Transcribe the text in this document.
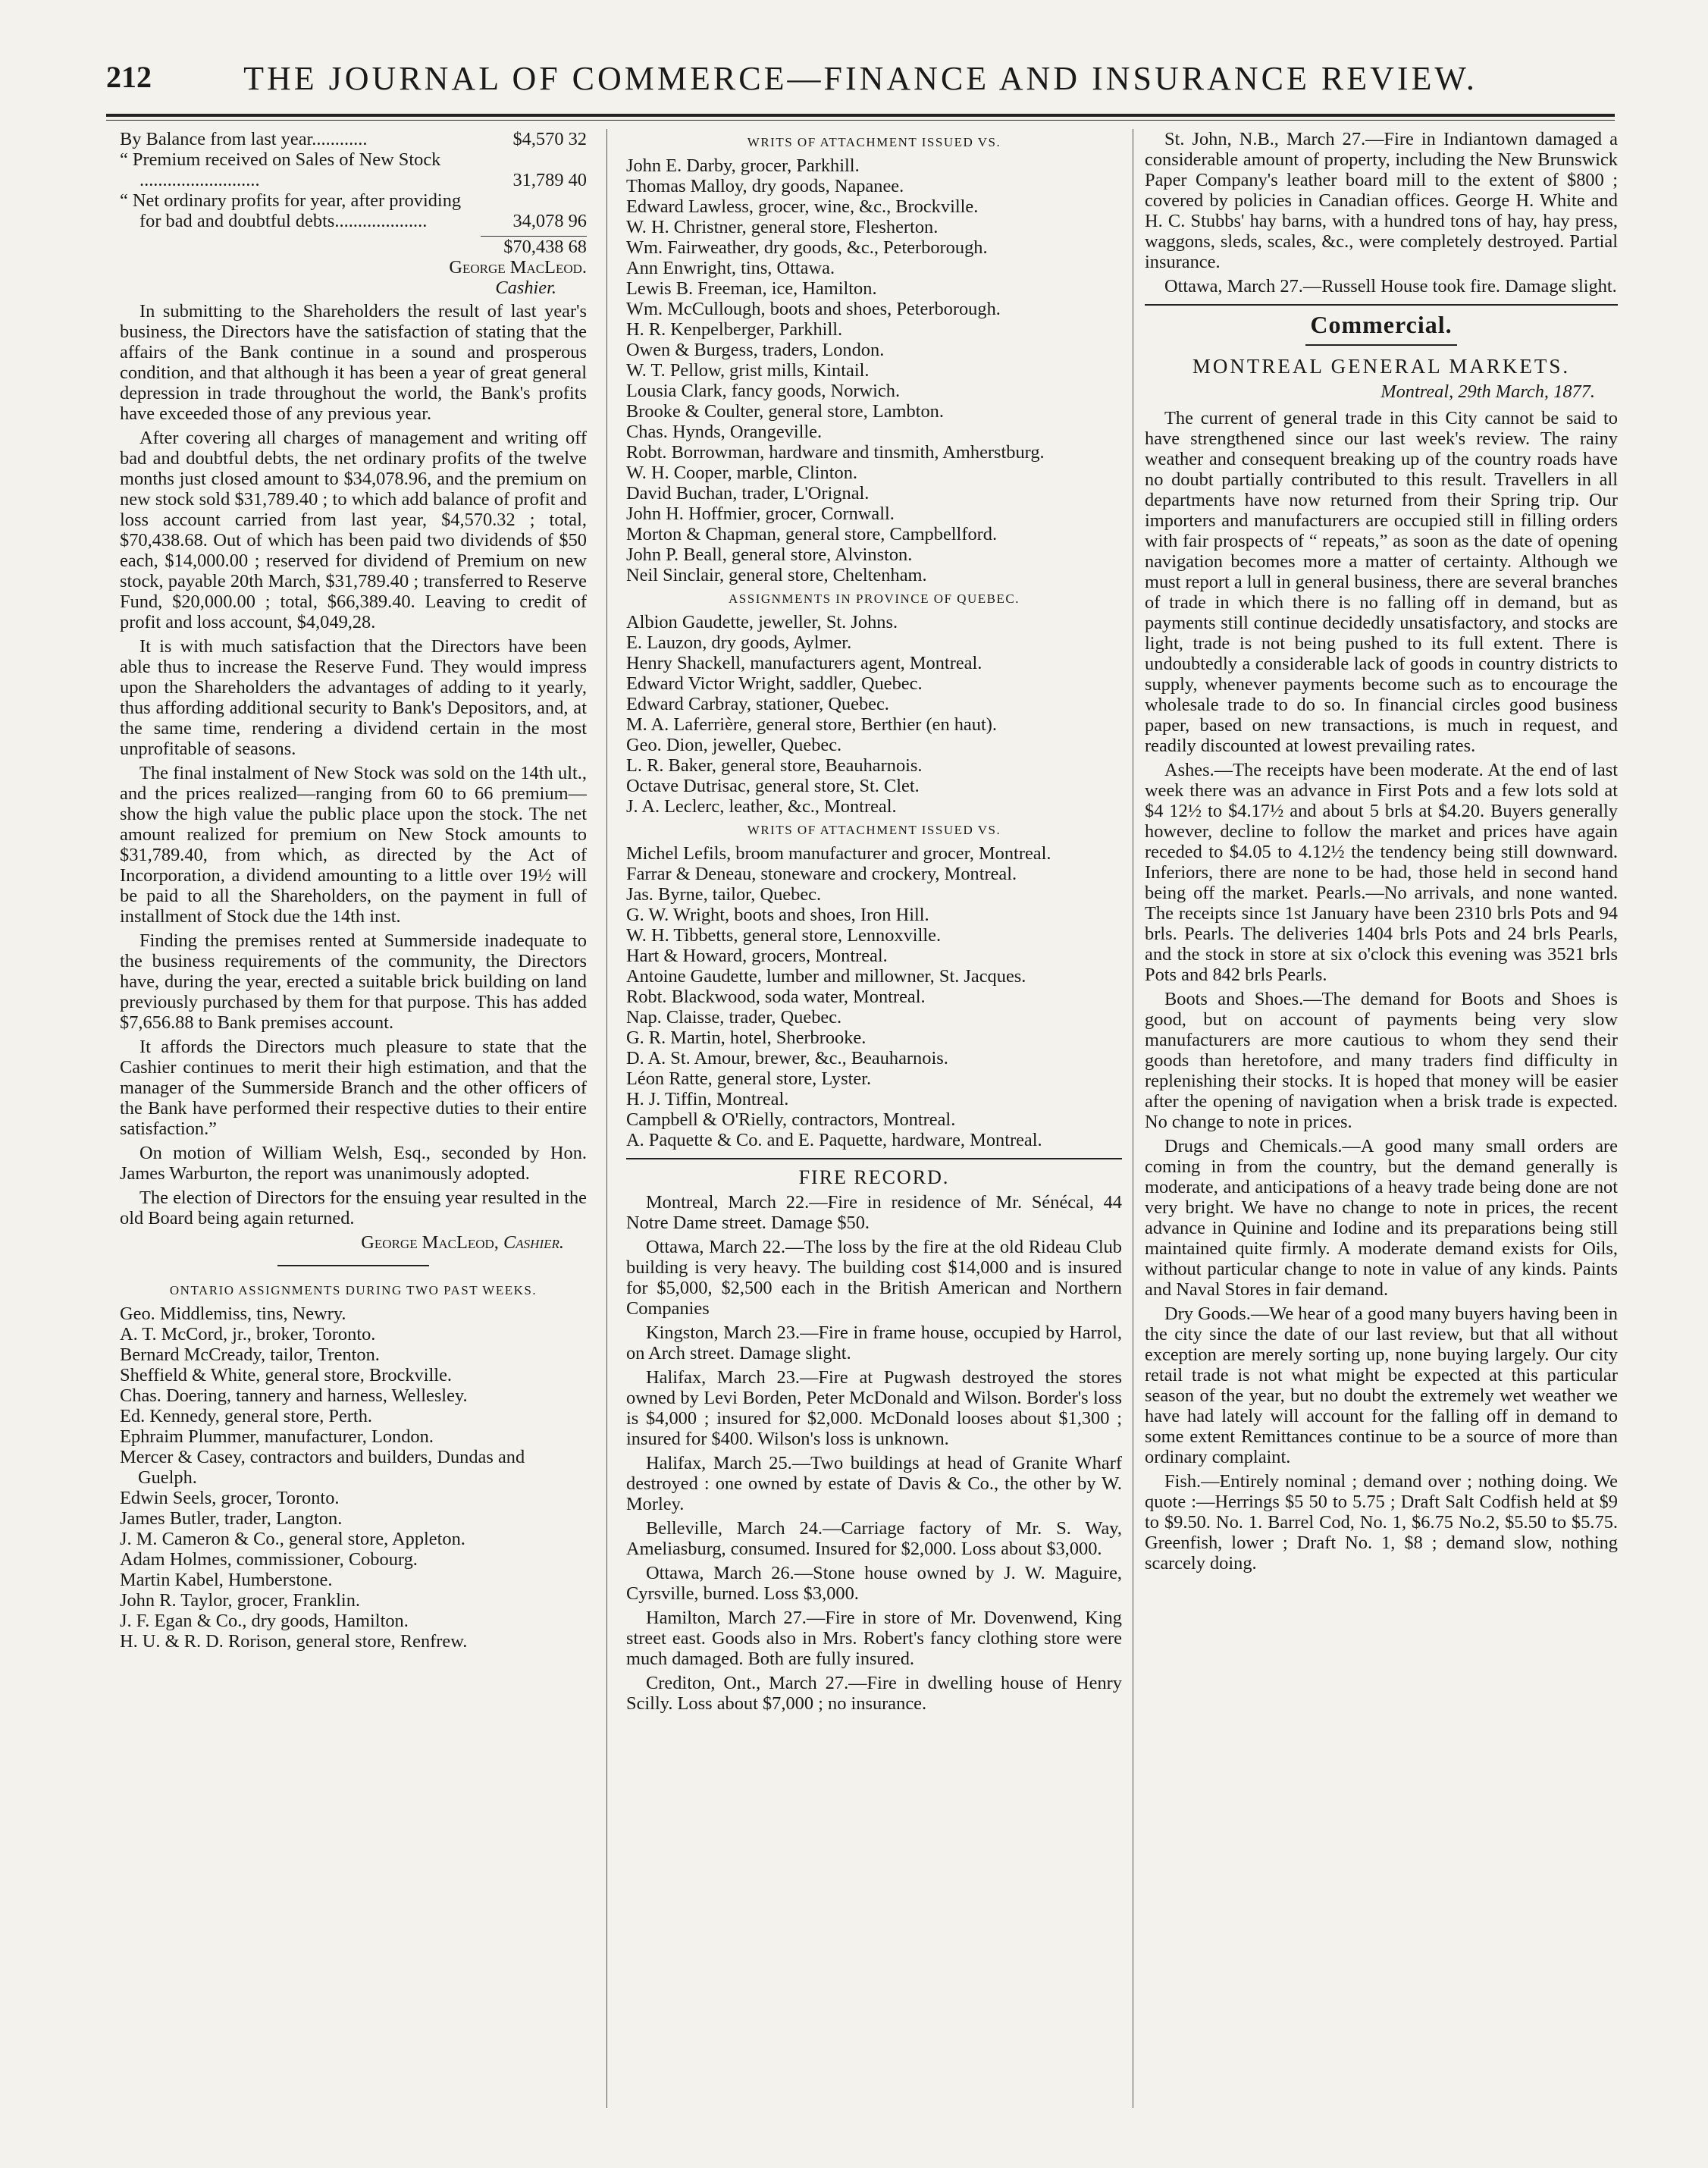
212	THE JOURNAL OF COMMERCE—FINANCE AND INSURANCE REVIEW.
By Balance from last year............	$4,570 32
“ Premium received on Sales of New Stock ..........................	31,789 40
“ Net ordinary profits for year, after providing for bad and doubtful debts....................	34,078 96

$70,438 68

George MacLeod.

Cashier.

In submitting to the Shareholders the result of last year's business, the Directors have the satisfaction of stating that the affairs of the Bank continue in a sound and prosperous condition, and that although it has been a year of great general depression in trade throughout the world, the Bank's profits have exceeded those of any previous year.

After covering all charges of management and writing off bad and doubtful debts, the net ordinary profits of the twelve months just closed amount to $34,078.96, and the premium on new stock sold $31,789.40 ; to which add balance of profit and loss account carried from last year, $4,570.32 ; total, $70,438.68. Out of which has been paid two dividends of $50 each, $14,000.00 ; reserved for dividend of Premium on new stock, payable 20th March, $31,789.40 ; transferred to Reserve Fund, $20,000.00 ; total, $66,389.40. Leaving to credit of profit and loss account, $4,049,28.

It is with much satisfaction that the Directors have been able thus to increase the Reserve Fund. They would impress upon the Shareholders the advantages of adding to it yearly, thus affording additional security to Bank's Depositors, and, at the same time, rendering a dividend certain in the most unprofitable of seasons.

The final instalment of New Stock was sold on the 14th ult., and the prices realized—ranging from 60 to 66 premium—show the high value the public place upon the stock. The net amount realized for premium on New Stock amounts to $31,789.40, from which, as directed by the Act of Incorporation, a dividend amounting to a little over 19½ will be paid to all the Shareholders, on the payment in full of installment of Stock due the 14th inst.

Finding the premises rented at Summerside inadequate to the business requirements of the community, the Directors have, during the year, erected a suitable brick building on land previously purchased by them for that purpose. This has added $7,656.88 to Bank premises account.

It affords the Directors much pleasure to state that the Cashier continues to merit their high estimation, and that the manager of the Summerside Branch and the other officers of the Bank have performed their respective duties to their entire satisfaction.”

On motion of William Welsh, Esq., seconded by Hon. James Warburton, the report was unanimously adopted.

The election of Directors for the ensuing year resulted in the old Board being again returned.

George MacLeod, Cashier.

ONTARIO ASSIGNMENTS DURING TWO PAST WEEKS.

Geo. Middlemiss, tins, Newry.

A. T. McCord, jr., broker, Toronto.

Bernard McCready, tailor, Trenton.

Sheffield & White, general store, Brockville.

Chas. Doering, tannery and harness, Wellesley.

Ed. Kennedy, general store, Perth.

Ephraim Plummer, manufacturer, London.

Mercer & Casey, contractors and builders, Dundas and Guelph.

Edwin Seels, grocer, Toronto.

James Butler, trader, Langton.

J. M. Cameron & Co., general store, Appleton.

Adam Holmes, commissioner, Cobourg.

Martin Kabel, Humberstone.

John R. Taylor, grocer, Franklin.

J. F. Egan & Co., dry goods, Hamilton.

H. U. & R. D. Rorison, general store, Renfrew.

WRITS OF ATTACHMENT ISSUED VS.

John E. Darby, grocer, Parkhill.

Thomas Malloy, dry goods, Napanee.

Edward Lawless, grocer, wine, &c., Brockville.

W. H. Christner, general store, Flesherton.

Wm. Fairweather, dry goods, &c., Peterborough.

Ann Enwright, tins, Ottawa.

Lewis B. Freeman, ice, Hamilton.

Wm. McCullough, boots and shoes, Peterborough.

H. R. Kenpelberger, Parkhill.

Owen & Burgess, traders, London.

W. T. Pellow, grist mills, Kintail.

Lousia Clark, fancy goods, Norwich.

Brooke & Coulter, general store, Lambton.

Chas. Hynds, Orangeville.

Robt. Borrowman, hardware and tinsmith, Amherstburg.

W. H. Cooper, marble, Clinton.

David Buchan, trader, L'Orignal.

John H. Hoffmier, grocer, Cornwall.

Morton & Chapman, general store, Campbellford.

John P. Beall, general store, Alvinston.

Neil Sinclair, general store, Cheltenham.

ASSIGNMENTS IN PROVINCE OF QUEBEC.

Albion Gaudette, jeweller, St. Johns.

E. Lauzon, dry goods, Aylmer.

Henry Shackell, manufacturers agent, Montreal.

Edward Victor Wright, saddler, Quebec.

Edward Carbray, stationer, Quebec.

M. A. Laferrière, general store, Berthier (en haut).

Geo. Dion, jeweller, Quebec.

L. R. Baker, general store, Beauharnois.

Octave Dutrisac, general store, St. Clet.

J. A. Leclerc, leather, &c., Montreal.

WRITS OF ATTACHMENT ISSUED VS.

Michel Lefils, broom manufacturer and grocer, Montreal.

Farrar & Deneau, stoneware and crockery, Montreal.

Jas. Byrne, tailor, Quebec.

G. W. Wright, boots and shoes, Iron Hill.

W. H. Tibbetts, general store, Lennoxville.

Hart & Howard, grocers, Montreal.

Antoine Gaudette, lumber and millowner, St. Jacques.

Robt. Blackwood, soda water, Montreal.

Nap. Claisse, trader, Quebec.

G. R. Martin, hotel, Sherbrooke.

D. A. St. Amour, brewer, &c., Beauharnois.

Léon Ratte, general store, Lyster.

H. J. Tiffin, Montreal.

Campbell & O'Rielly, contractors, Montreal.

A. Paquette & Co. and E. Paquette, hardware, Montreal.

FIRE RECORD.

Montreal, March 22.—Fire in residence of Mr. Sénécal, 44 Notre Dame street. Damage $50.

Ottawa, March 22.—The loss by the fire at the old Rideau Club building is very heavy. The building cost $14,000 and is insured for $5,000, $2,500 each in the British American and Northern Companies

Kingston, March 23.—Fire in frame house, occupied by Harrol, on Arch street. Damage slight.

Halifax, March 23.—Fire at Pugwash destroyed the stores owned by Levi Borden, Peter McDonald and Wilson. Border's loss is $4,000 ; insured for $2,000. McDonald looses about $1,300 ; insured for $400. Wilson's loss is unknown.

Halifax, March 25.—Two buildings at head of Granite Wharf destroyed : one owned by estate of Davis & Co., the other by W. Morley.

Belleville, March 24.—Carriage factory of Mr. S. Way, Ameliasburg, consumed. Insured for $2,000. Loss about $3,000.

Ottawa, March 26.—Stone house owned by J. W. Maguire, Cyrsville, burned. Loss $3,000.

Hamilton, March 27.—Fire in store of Mr. Dovenwend, King street east. Goods also in Mrs. Robert's fancy clothing store were much damaged. Both are fully insured.

Crediton, Ont., March 27.—Fire in dwelling house of Henry Scilly. Loss about $7,000 ; no insurance.

St. John, N.B., March 27.—Fire in Indiantown damaged a considerable amount of property, including the New Brunswick Paper Company's leather board mill to the extent of $800 ; covered by policies in Canadian offices. George H. White and H. C. Stubbs' hay barns, with a hundred tons of hay, hay press, waggons, sleds, scales, &c., were completely destroyed. Partial insurance.

Ottawa, March 27.—Russell House took fire. Damage slight.

Commercial.
MONTREAL GENERAL MARKETS.
Montreal, 29th March, 1877.

The current of general trade in this City cannot be said to have strengthened since our last week's review. The rainy weather and consequent breaking up of the country roads have no doubt partially contributed to this result. Travellers in all departments have now returned from their Spring trip. Our importers and manufacturers are occupied still in filling orders with fair prospects of “ repeats,” as soon as the date of opening navigation becomes more a matter of certainty. Although we must report a lull in general business, there are several branches of trade in which there is no falling off in demand, but as payments still continue decidedly unsatisfactory, and stocks are light, trade is not being pushed to its full extent. There is undoubtedly a considerable lack of goods in country districts to supply, whenever payments become such as to encourage the wholesale trade to do so. In financial circles good business paper, based on new transactions, is much in request, and readily discounted at lowest prevailing rates.

Ashes.—The receipts have been moderate. At the end of last week there was an advance in First Pots and a few lots sold at $4 12½ to $4.17½ and about 5 brls at $4.20. Buyers generally however, decline to follow the market and prices have again receded to $4.05 to 4.12½ the tendency being still downward. Inferiors, there are none to be had, those held in second hand being off the market. Pearls.—No arrivals, and none wanted. The receipts since 1st January have been 2310 brls Pots and 94 brls. Pearls. The deliveries 1404 brls Pots and 24 brls Pearls, and the stock in store at six o'clock this evening was 3521 brls Pots and 842 brls Pearls.

Boots and Shoes.—The demand for Boots and Shoes is good, but on account of payments being very slow manufacturers are more cautious to whom they send their goods than heretofore, and many traders find difficulty in replenishing their stocks. It is hoped that money will be easier after the opening of navigation when a brisk trade is expected. No change to note in prices.

Drugs and Chemicals.—A good many small orders are coming in from the country, but the demand generally is moderate, and anticipations of a heavy trade being done are not very bright. We have no change to note in prices, the recent advance in Quinine and Iodine and its preparations being still maintained quite firmly. A moderate demand exists for Oils, without particular change to note in value of any kinds. Paints and Naval Stores in fair demand.

Dry Goods.—We hear of a good many buyers having been in the city since the date of our last review, but that all without exception are merely sorting up, none buying largely. Our city retail trade is not what might be expected at this particular season of the year, but no doubt the extremely wet weather we have had lately will account for the falling off in demand to some extent Remittances continue to be a source of more than ordinary complaint.

Fish.—Entirely nominal ; demand over ; nothing doing. We quote :—Herrings $5 50 to 5.75 ; Draft Salt Codfish held at $9 to $9.50. No. 1. Barrel Cod, No. 1, $6.75 No.2, $5.50 to $5.75. Greenfish, lower ; Draft No. 1, $8 ; demand slow, nothing scarcely doing.
